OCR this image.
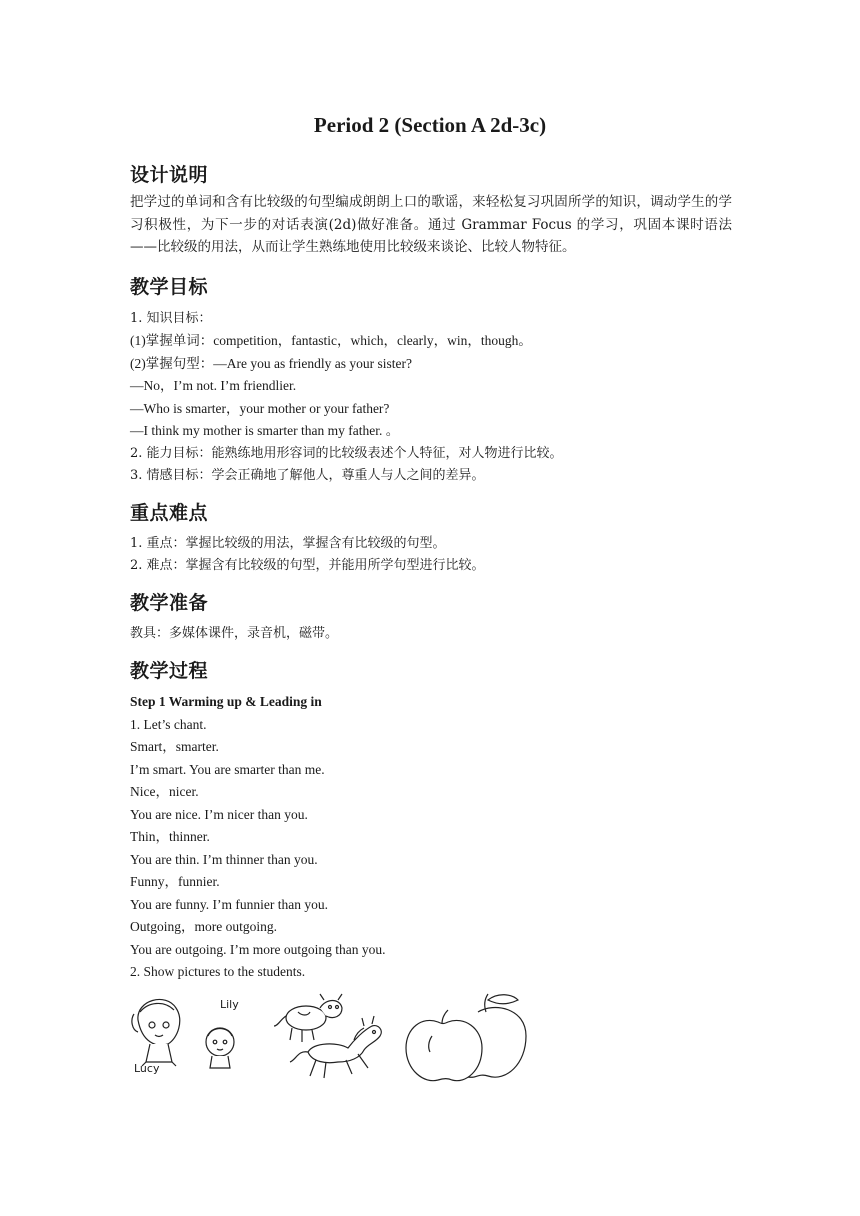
Period 2 (Section A 2d-3c)
设计说明
把学过的单词和含有比较级的句型编成朗朗上口的歌谣，来轻松复习巩固所学的知识，调动学生的学习积极性，为下一步的对话表演(2d)做好准备。通过 Grammar Focus 的学习，巩固本课时语法——比较级的用法，从而让学生熟练地使用比较级来谈论、比较人物特征。
教学目标
1. 知识目标：
(1)掌握单词：competition，fantastic，which，clearly，win，though。
(2)掌握句型：—Are you as friendly as your sister?
—No，I’m not. I’m friendlier.
—Who is smarter，your mother or your father?
—I think my mother is smarter than my father. 。
2. 能力目标：能熟练地用形容词的比较级表述个人特征，对人物进行比较。
3. 情感目标：学会正确地了解他人，尊重人与人之间的差异。
重点难点
1. 重点：掌握比较级的用法，掌握含有比较级的句型。
2. 难点：掌握含有比较级的句型，并能用所学句型进行比较。
教学准备
教具：多媒体课件，录音机，磁带。
教学过程
Step 1 Warming up & Leading in
1. Let’s chant.
Smart，smarter.
I’m smart. You are smarter than me.
Nice，nicer.
You are nice. I’m nicer than you.
Thin，thinner.
You are thin. I’m thinner than you.
Funny，funnier.
You are funny. I’m funnier than you.
Outgoing，more outgoing.
You are outgoing. I’m more outgoing than you.
2. Show pictures to the students.
Lily
Lucy
